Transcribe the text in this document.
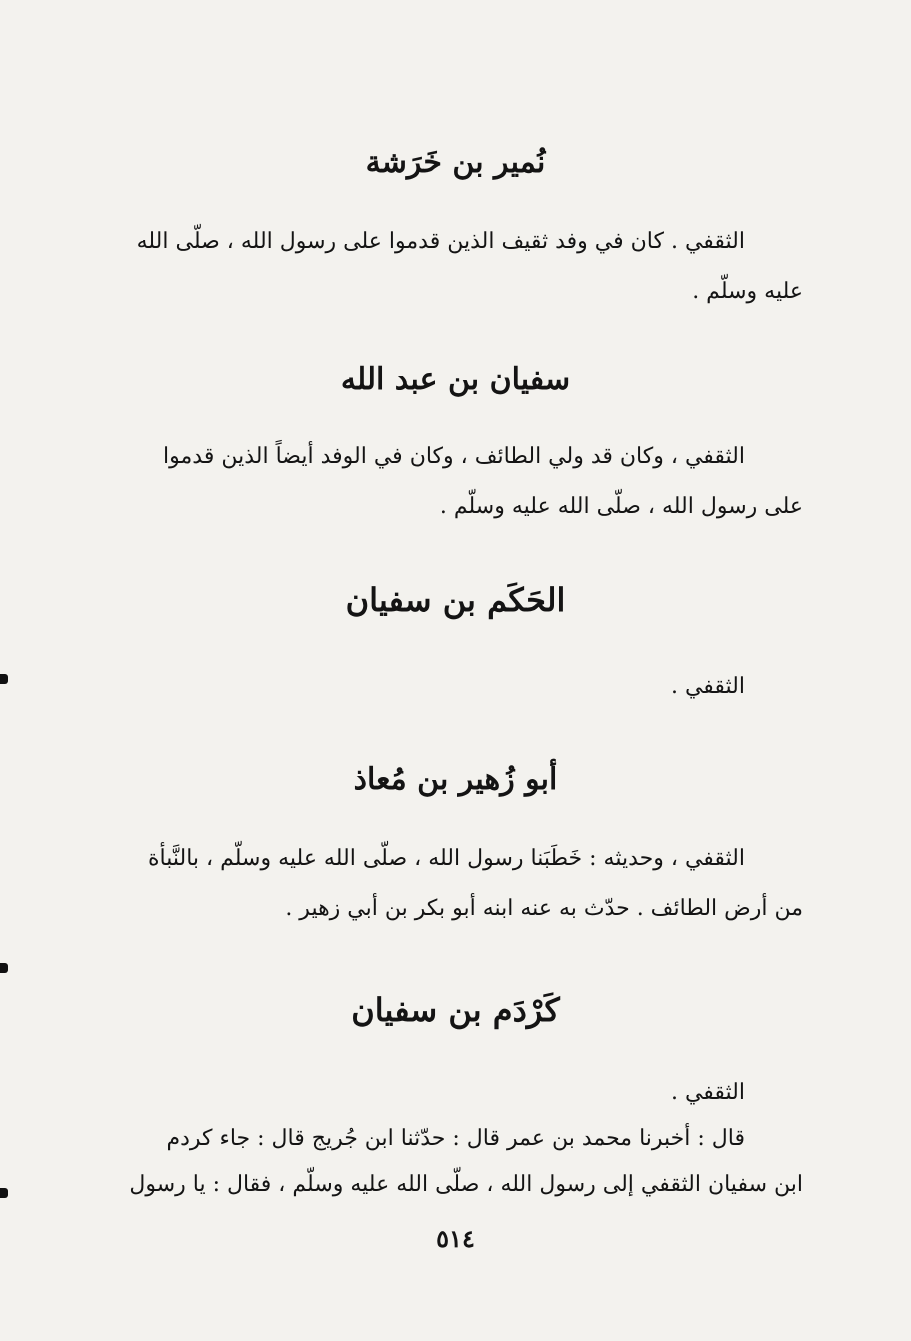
نُمير بن خَرَشة
الثقفي . كان في وفد ثقيف الذين قدموا على رسول الله ، صلّى الله
عليه وسلّم .
سفيان بن عبد الله
الثقفي ، وكان قد ولي الطائف ، وكان في الوفد أيضاً الذين قدموا
على رسول الله ، صلّى الله عليه وسلّم .
الحَكَم بن سفيان
الثقفي .
أبو زُهير بن مُعاذ
الثقفي ، وحديثه : خَطَبَنا رسول الله ، صلّى الله عليه وسلّم ، بالنَّبأة
من أرض الطائف . حدّث به عنه ابنه أبو بكر بن أبي زهير .
كَرْدَم بن سفيان
الثقفي .
قال : أخبرنا محمد بن عمر قال : حدّثنا ابن جُريج قال : جاء كردم
ابن سفيان الثقفي إلى رسول الله ، صلّى الله عليه وسلّم ، فقال : يا رسول
٥١٤
